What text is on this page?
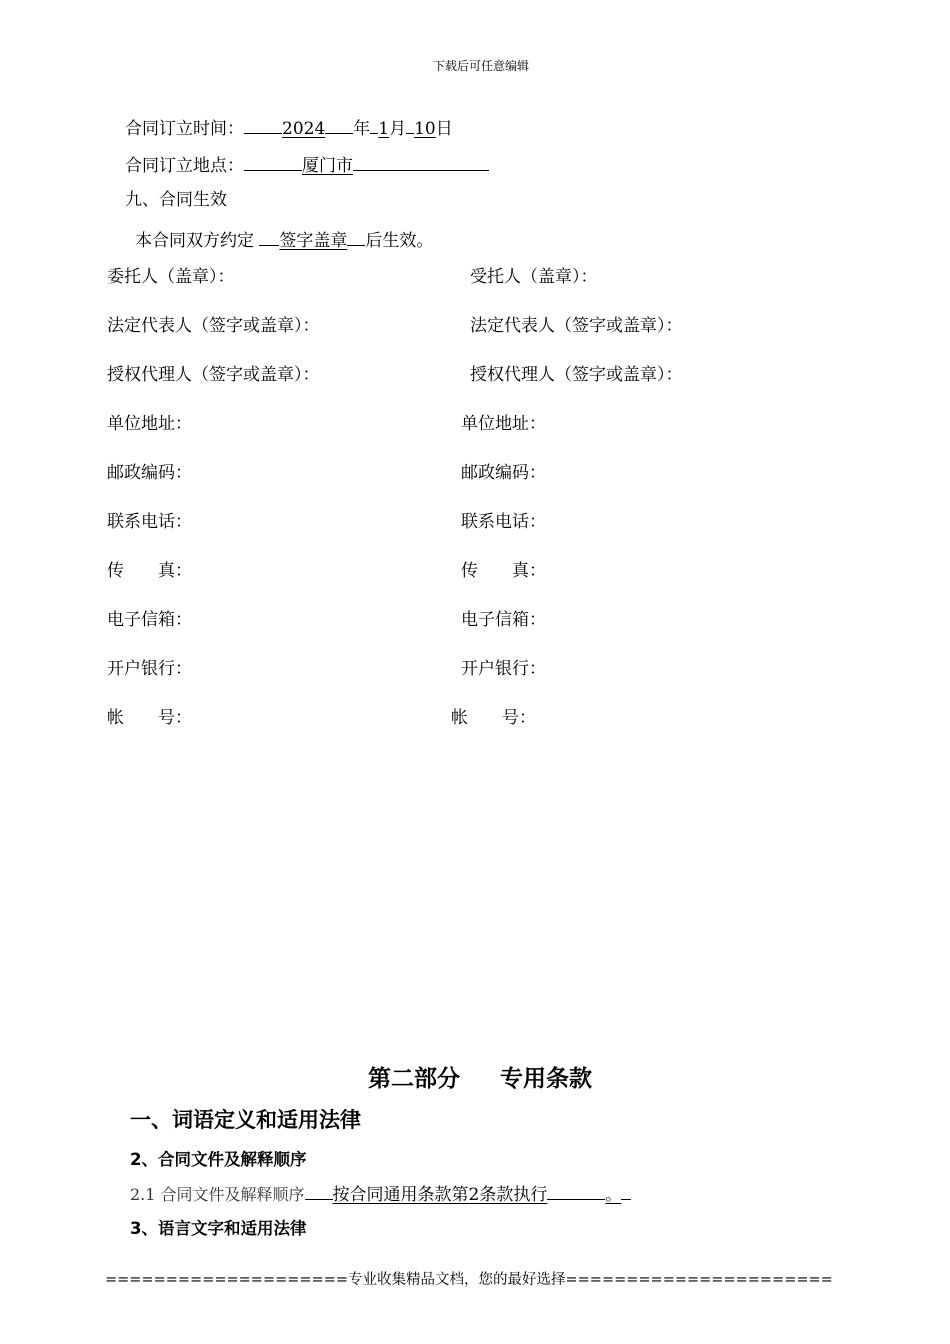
下载后可任意编辑
合同订立时间： 2024 年 1月 10日
合同订立地点：	厦门市
九、合同生效
本合同双方约定 签字盖章 后生效。
委托人（盖章）：
法定代表人（签字或盖章）：
授权代理人（签字或盖章）：
单位地址：
邮政编码：
联系电话：
传　　真：
电子信箱：
开户银行：
帐　　号：
受托人（盖章）：
法定代表人（签字或盖章）：
授权代理人（签字或盖章）：
单位地址：
邮政编码：
联系电话：
传　　真：
电子信箱：
开户银行：
帐　　号：
第二部分 专用条款
一、词语定义和适用法律
2、合同文件及解释顺序
2.1 合同文件及解释顺序 按合同通用条款第2条款执行	。
3、语言文字和适用法律
====================专业收集精品文档，您的最好选择======================
